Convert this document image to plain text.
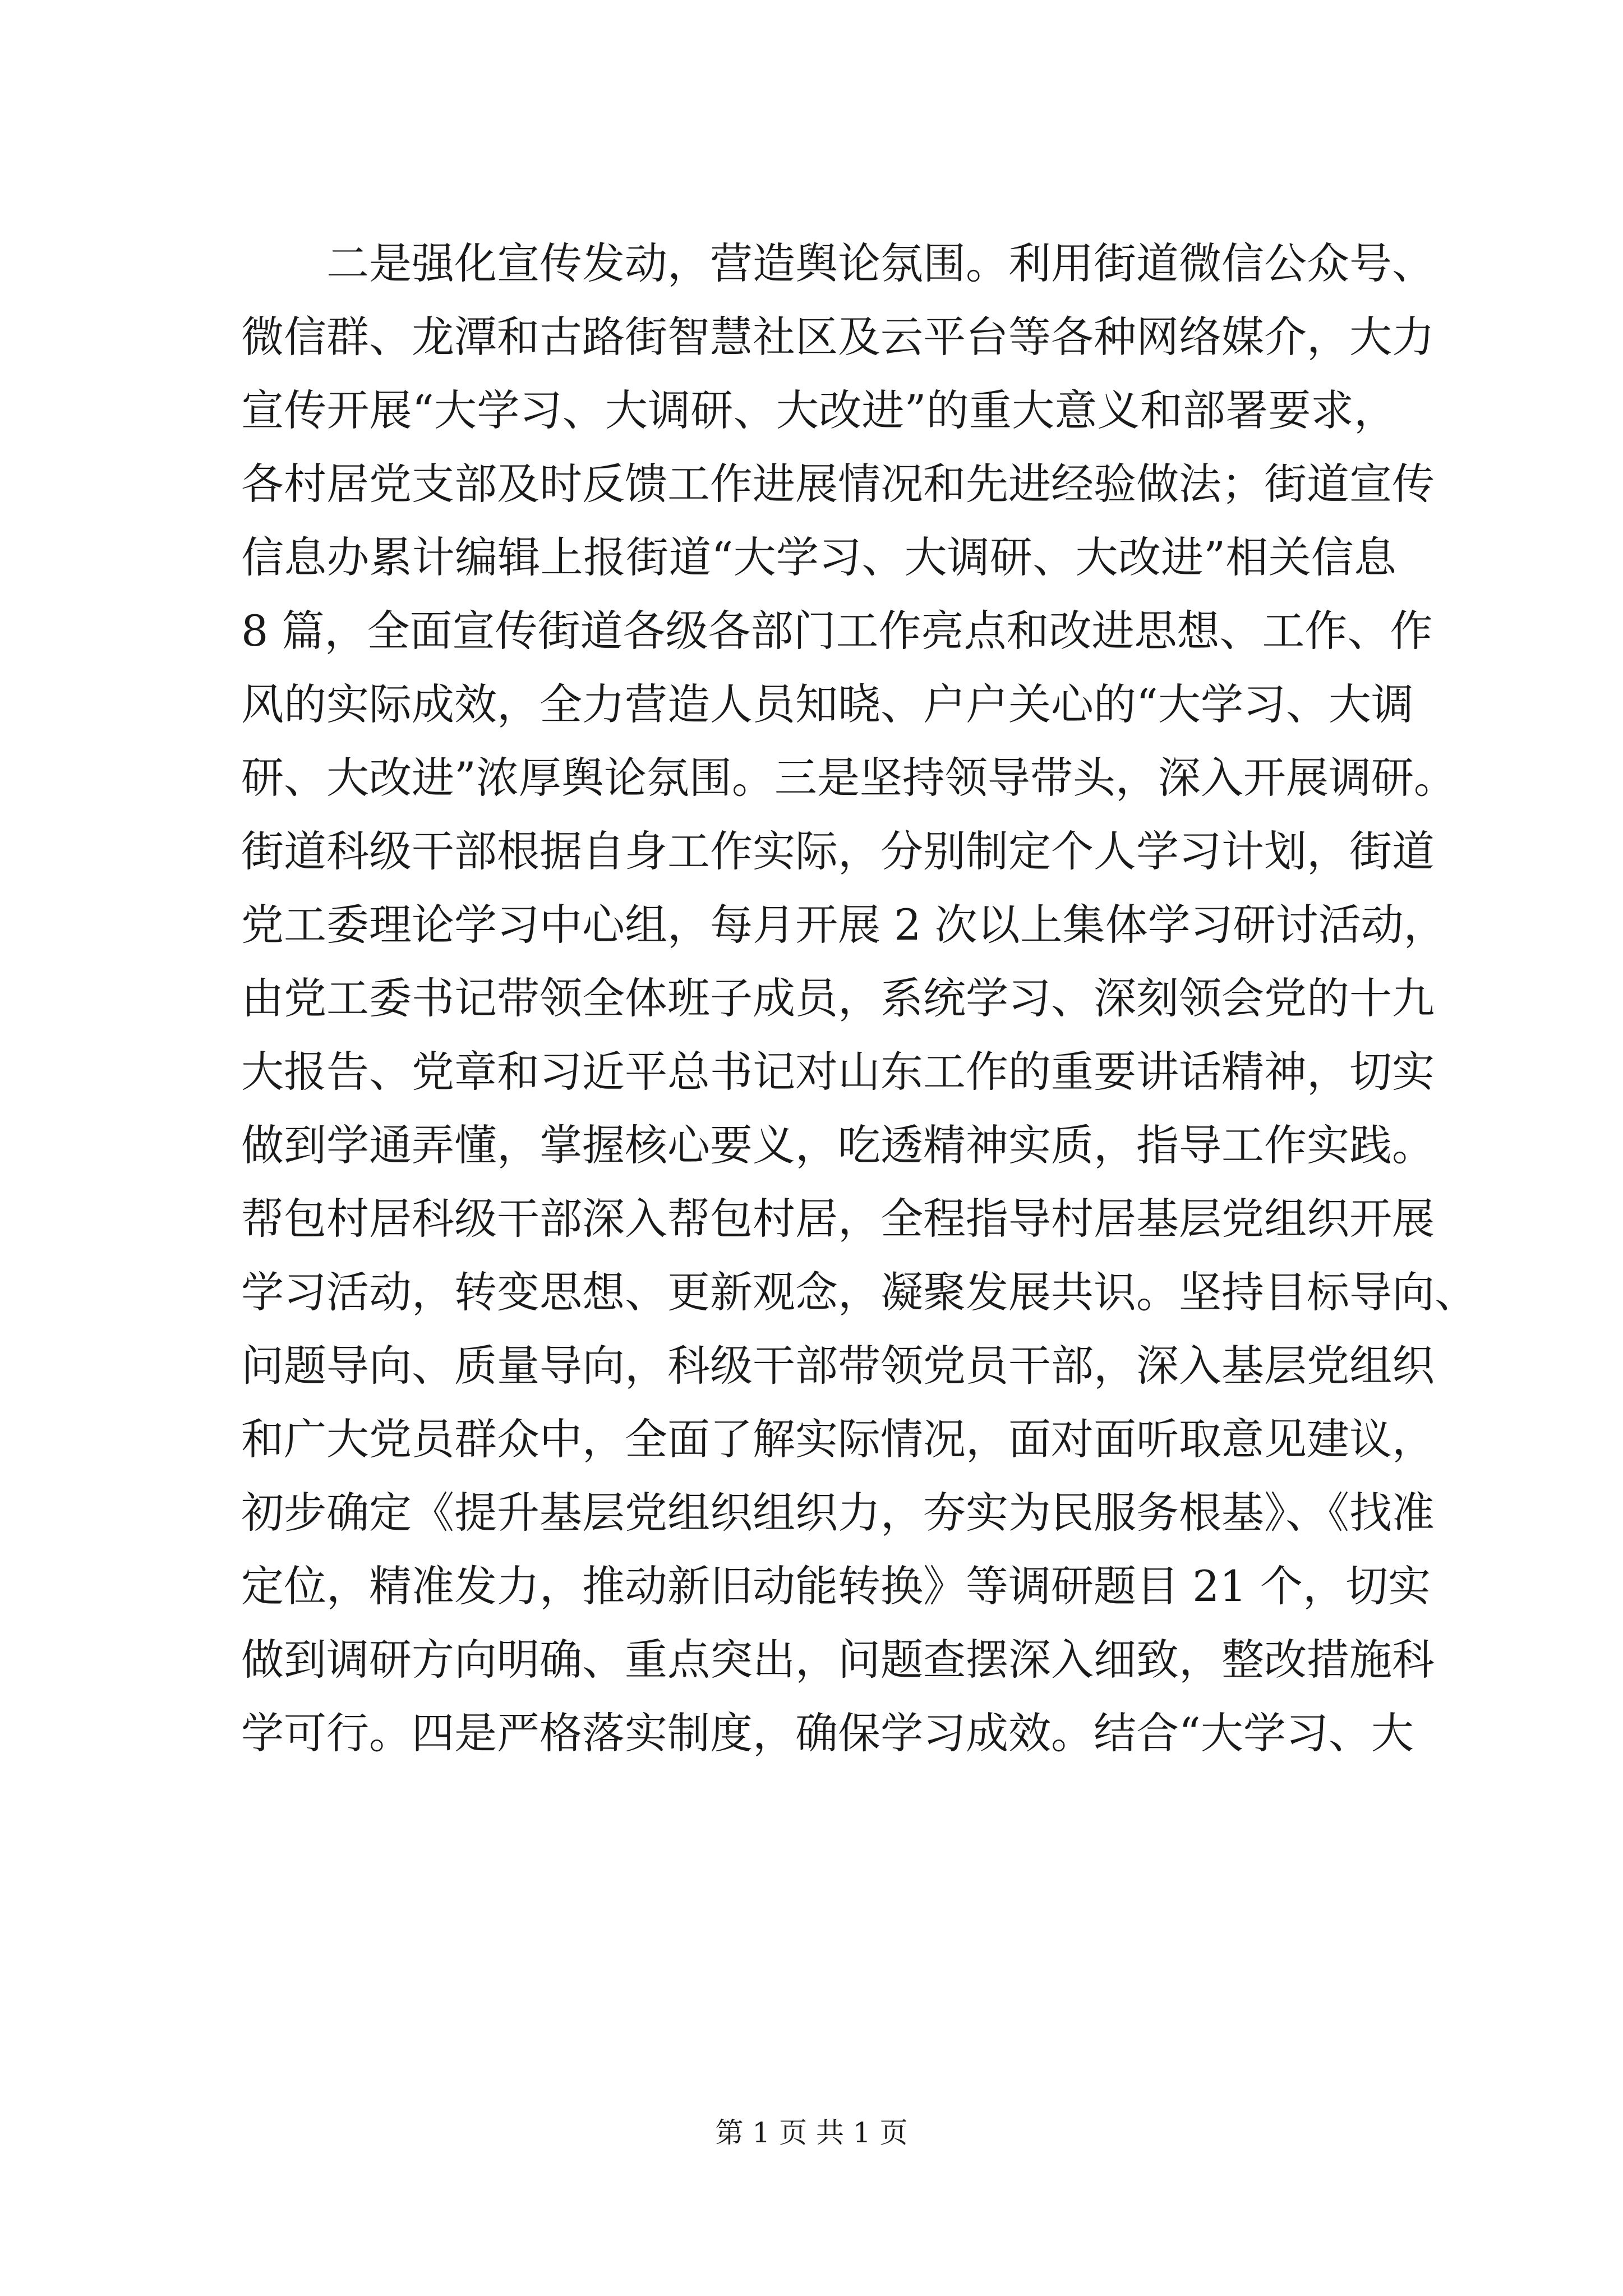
二是强化宣传发动，营造舆论氛围。利用街道微信公众号、
微信群、龙潭和古路街智慧社区及云平台等各种网络媒介，大力
宣传开展“大学习、大调研、大改进”的重大意义和部署要求，
各村居党支部及时反馈工作进展情况和先进经验做法；街道宣传
信息办累计编辑上报街道“大学习、大调研、大改进”相关信息
8 篇，全面宣传街道各级各部门工作亮点和改进思想、工作、作
风的实际成效，全力营造人员知晓、户户关心的“大学习、大调
研、大改进”浓厚舆论氛围。三是坚持领导带头，深入开展调研。
街道科级干部根据自身工作实际，分别制定个人学习计划，街道
党工委理论学习中心组，每月开展 2 次以上集体学习研讨活动，
由党工委书记带领全体班子成员，系统学习、深刻领会党的十九
大报告、党章和习近平总书记对山东工作的重要讲话精神，切实
做到学通弄懂，掌握核心要义，吃透精神实质，指导工作实践。
帮包村居科级干部深入帮包村居，全程指导村居基层党组织开展
学习活动，转变思想、更新观念，凝聚发展共识。坚持目标导向、
问题导向、质量导向，科级干部带领党员干部，深入基层党组织
和广大党员群众中，全面了解实际情况，面对面听取意见建议，
初步确定《提升基层党组织组织力，夯实为民服务根基》、《找准
定位，精准发力，推动新旧动能转换》等调研题目 21 个，切实
做到调研方向明确、重点突出，问题查摆深入细致，整改措施科
学可行。四是严格落实制度，确保学习成效。结合“大学习、大
第 1 页 共 1 页
